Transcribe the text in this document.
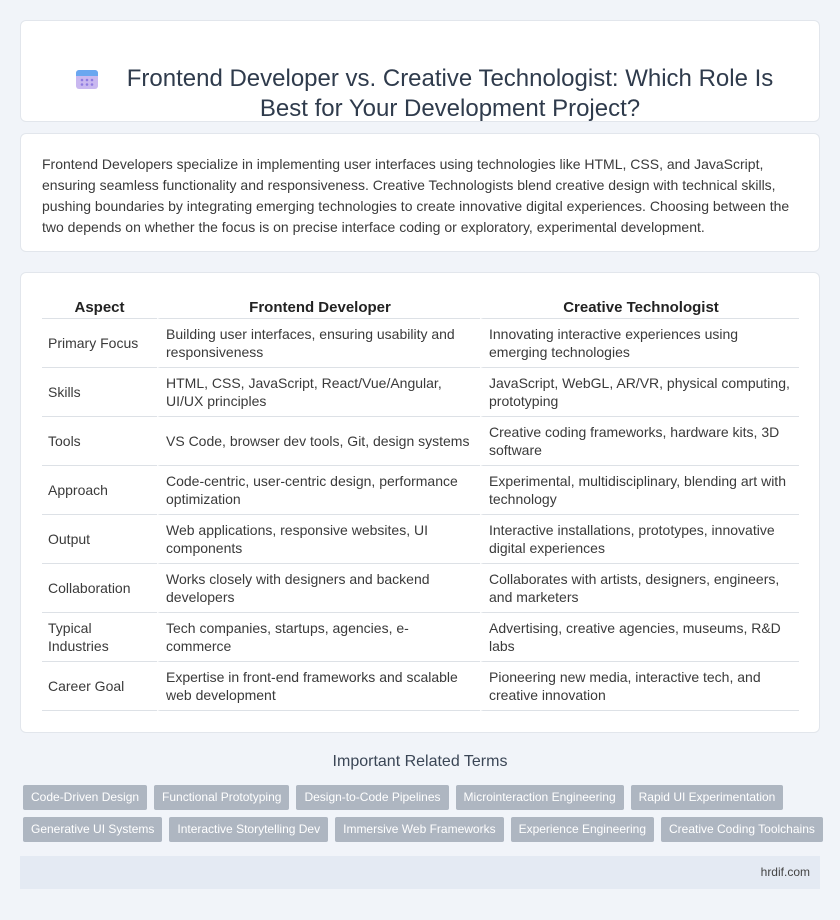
Frontend Developer vs. Creative Technologist: Which Role Is Best for Your Development Project?

Frontend Developers specialize in implementing user interfaces using technologies like HTML, CSS, and JavaScript, ensuring seamless functionality and responsiveness. Creative Technologists blend creative design with technical skills, pushing boundaries by integrating emerging technologies to create innovative digital experiences. Choosing between the two depends on whether the focus is on precise interface coding or exploratory, experimental development.

Aspect	Frontend Developer	Creative Technologist
Primary Focus	Building user interfaces, ensuring usability and responsiveness	Innovating interactive experiences using emerging technologies
Skills	HTML, CSS, JavaScript, React/Vue/Angular, UI/UX principles	JavaScript, WebGL, AR/VR, physical computing, prototyping
Tools	VS Code, browser dev tools, Git, design systems	Creative coding frameworks, hardware kits, 3D software
Approach	Code-centric, user-centric design, performance optimization	Experimental, multidisciplinary, blending art with technology
Output	Web applications, responsive websites, UI components	Interactive installations, prototypes, innovative digital experiences
Collaboration	Works closely with designers and backend developers	Collaborates with artists, designers, engineers, and marketers
Typical Industries	Tech companies, startups, agencies, e-commerce	Advertising, creative agencies, museums, R&D labs
Career Goal	Expertise in front-end frameworks and scalable web development	Pioneering new media, interactive tech, and creative innovation
Important Related Terms
Code-Driven Design	Functional Prototyping	Design-to-Code Pipelines	Microinteraction Engineering	Rapid UI Experimentation
Generative UI Systems	Interactive Storytelling Dev	Immersive Web Frameworks	Experience Engineering	Creative Coding Toolchains
hrdif.com
